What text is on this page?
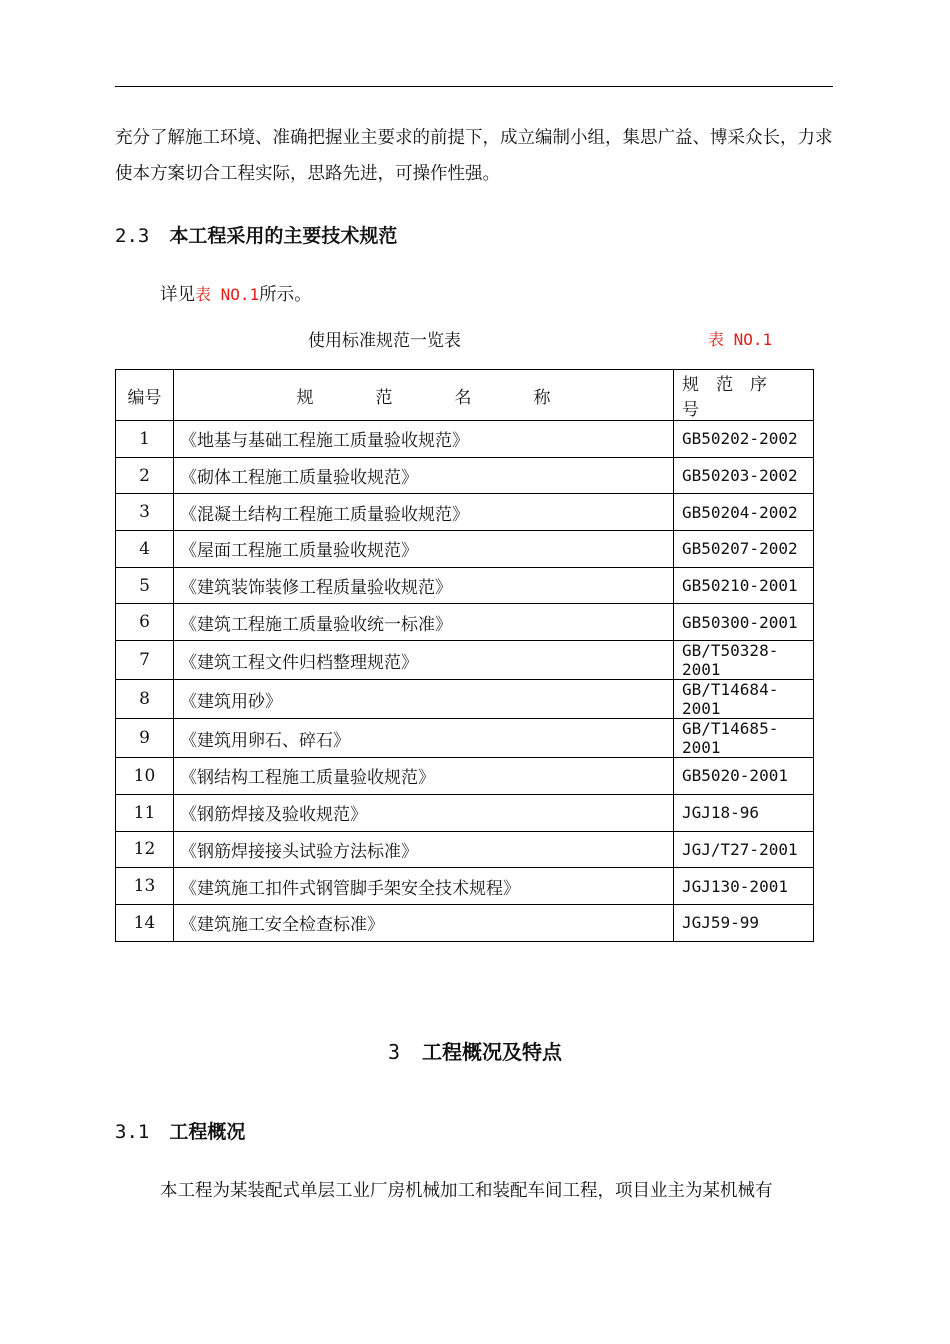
充分了解施工环境、准确把握业主要求的前提下，成立编制小组，集思广益、博采众长，力求使本方案切合工程实际，思路先进，可操作性强。
2.3 本工程采用的主要技术规范
详见表 NO.1所示。
使用标准规范一览表	表 NO.1
编号	规范名称	规范序号
1	《地基与基础工程施工质量验收规范》	GB50202-2002
2	《砌体工程施工质量验收规范》	GB50203-2002
3	《混凝土结构工程施工质量验收规范》	GB50204-2002
4	《屋面工程施工质量验收规范》	GB50207-2002
5	《建筑装饰装修工程质量验收规范》	GB50210-2001
6	《建筑工程施工质量验收统一标准》	GB50300-2001
7	《建筑工程文件归档整理规范》	GB/T50328-2001
8	《建筑用砂》	GB/T14684-2001
9	《建筑用卵石、碎石》	GB/T14685-2001
10	《钢结构工程施工质量验收规范》	GB5020-2001
11	《钢筋焊接及验收规范》	JGJ18-96
12	《钢筋焊接接头试验方法标准》	JGJ/T27-2001
13	《建筑施工扣件式钢管脚手架安全技术规程》	JGJ130-2001
14	《建筑施工安全检查标准》	JGJ59-99
3 工程概况及特点
3.1 工程概况
本工程为某装配式单层工业厂房机械加工和装配车间工程，项目业主为某机械有
